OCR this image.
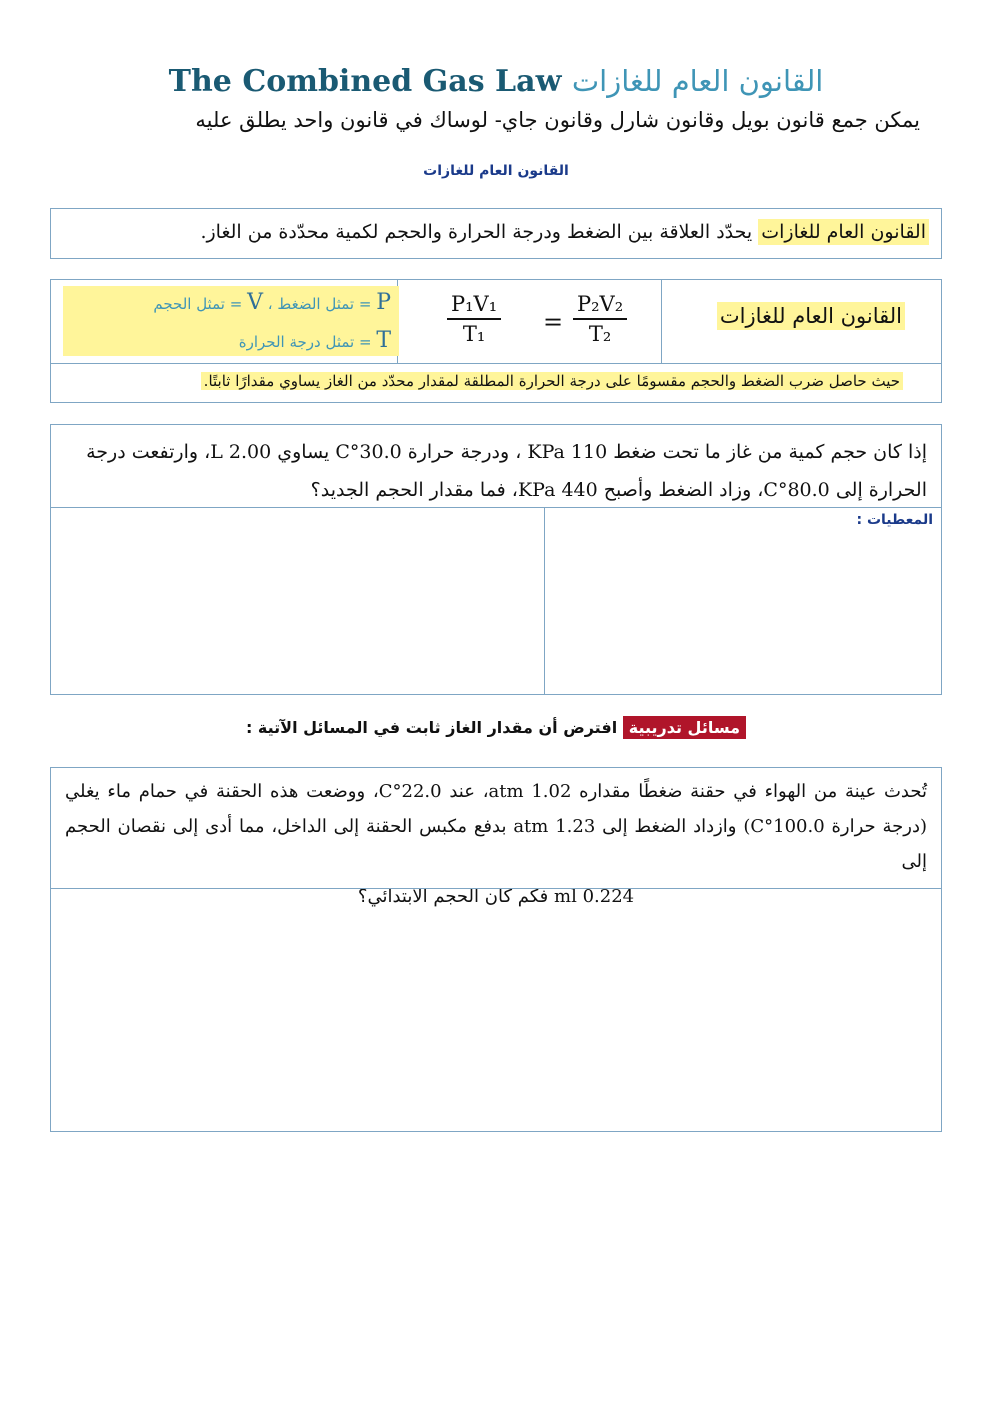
The Combined Gas Law القانون العام للغازات
يمكن جمع قانون بويل وقانون شارل وقانون جاي- لوساك في قانون واحد يطلق عليه
القانون العام للغازات
القانون العام للغازات يحدّد العلاقة بين الضغط ودرجة الحرارة والحجم لكمية محدّدة من الغاز.
القانون العام للغازات
P₁V₁
T₁	=
P₂V₂
T₂
P = تمثل الضغط ، V = تمثل الحجم
T = تمثل درجة الحرارة
حيث حاصل ضرب الضغط والحجم مقسومًا على درجة الحرارة المطلقة لمقدار محدّد من الغاز يساوي مقدارًا ثابتًا.
إذا كان حجم كمية من غاز ما تحت ضغط 110 KPa ، ودرجة حرارة 30.0°C يساوي 2.00 L، وارتفعت درجة الحرارة إلى 80.0°C، وزاد الضغط وأصبح 440 KPa، فما مقدار الحجم الجديد؟
المعطيات :
مسائل تدريبية افترض أن مقدار الغاز ثابت في المسائل الآتية :
تُحدث عينة من الهواء في حقنة ضغطًا مقداره 1.02 atm، عند 22.0°C، ووضعت هذه الحقنة في حمام ماء يغلي (درجة حرارة 100.0°C) وازداد الضغط إلى 1.23 atm بدفع مكبس الحقنة إلى الداخل، مما أدى إلى نقصان الحجم إلى
0.224 ml فكم كان الحجم الابتدائي؟
